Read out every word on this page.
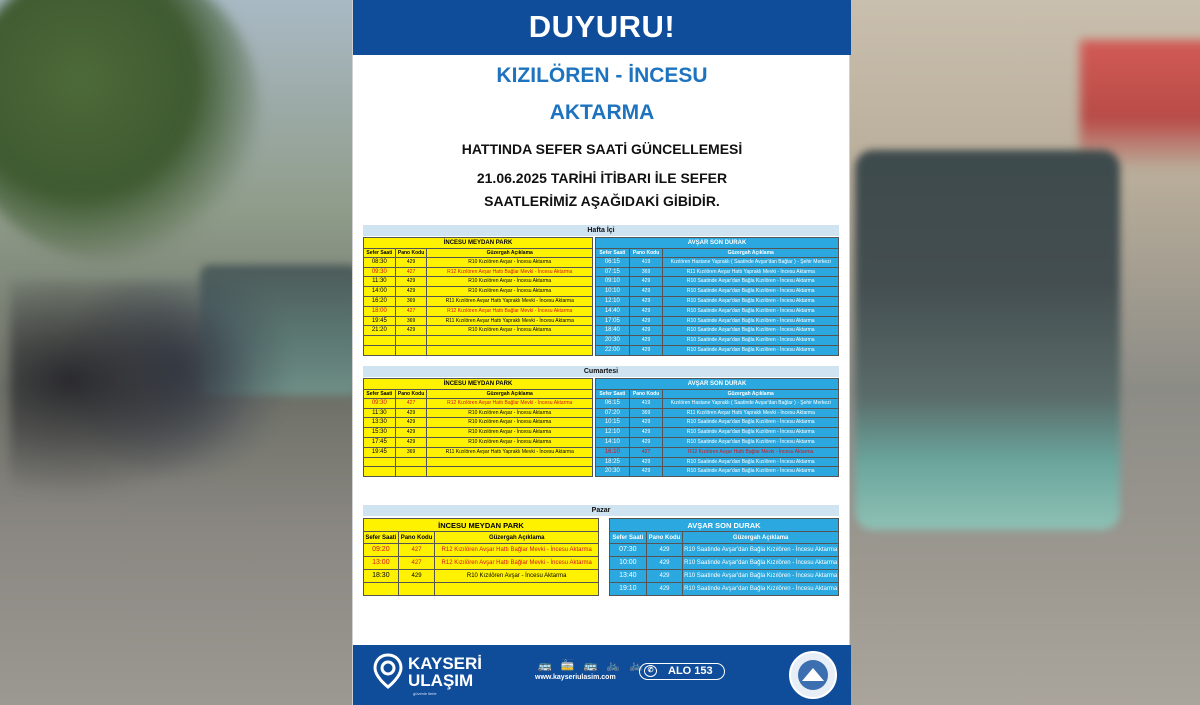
DUYURU!
KIZILÖREN - İNCESU
AKTARMA
HATTINDA SEFER SAATİ GÜNCELLEMESİ
21.06.2025 TARİHİ İTİBARI İLE SEFER
SAATLERİMİZ AŞAĞIDAKİ GİBİDİR.
Hafta İçi
İNCESU MEYDAN PARK
Sefer Saati	Pano Kodu	Güzergah Açıklama
08:30	429	R10 Kızılören Avşar - İncesu Aktarma
09:30	427	R12 Kızılören Avşar Hattı Bağlar Mevki - İncesu Aktarma
11:30	429	R10 Kızılören Avşar - İncesu Aktarma
14:00	429	R10 Kızılören Avşar - İncesu Aktarma
16:20	369	R11 Kızılören Avşar Hattı Yapraklı Mevki - İncesu Aktarma
18:00	427	R12 Kızılören Avşar Hattı Bağlar Mevki - İncesu Aktarma
19:45	369	R11 Kızılören Avşar Hattı Yapraklı Mevki - İncesu Aktarma
21:20	429	R10 Kızılören Avşar - İncesu Aktarma
AVŞAR SON DURAK
Sefer Saati	Pano Kodu	Güzergah Açıklama
06:15	419	Kızılören Hastane Yapraklı ( Saatinde Avşar'dan Bağlar ) - Şehir Merkezi
07:15	369	R11 Kızılören Avşar Hattı Yapraklı Mevki - İncesu Aktarma
09:10	429	R10 Saatinde Avşar'dan Bağla Kızılören - İncesu Aktarma
10:10	429	R10 Saatinde Avşar'dan Bağla Kızılören - İncesu Aktarma
12:10	429	R10 Saatinde Avşar'dan Bağla Kızılören - İncesu Aktarma
14:40	429	R10 Saatinde Avşar'dan Bağla Kızılören - İncesu Aktarma
17:05	429	R10 Saatinde Avşar'dan Bağla Kızılören - İncesu Aktarma
18:40	429	R10 Saatinde Avşar'dan Bağla Kızılören - İncesu Aktarma
20:30	429	R10 Saatinde Avşar'dan Bağla Kızılören - İncesu Aktarma
22:00	429	R10 Saatinde Avşar'dan Bağla Kızılören - İncesu Aktarma
Cumartesi
İNCESU MEYDAN PARK
Sefer Saati	Pano Kodu	Güzergah Açıklama
09:30	427	R12 Kızılören Avşar Hattı Bağlar Mevki - İncesu Aktarma
11:30	429	R10 Kızılören Avşar - İncesu Aktarma
13:30	429	R10 Kızılören Avşar - İncesu Aktarma
15:30	429	R10 Kızılören Avşar - İncesu Aktarma
17:45	429	R10 Kızılören Avşar - İncesu Aktarma
19:45	369	R11 Kızılören Avşar Hattı Yapraklı Mevki - İncesu Aktarma
AVŞAR SON DURAK
Sefer Saati	Pano Kodu	Güzergah Açıklama
06:15	419	Kızılören Hastane Yapraklı ( Saatinde Avşar'dan Bağlar ) - Şehir Merkezi
07:20	369	R11 Kızılören Avşar Hattı Yapraklı Mevki - İncesu Aktarma
10:15	429	R10 Saatinde Avşar'dan Bağla Kızılören - İncesu Aktarma
12:10	429	R10 Saatinde Avşar'dan Bağla Kızılören - İncesu Aktarma
14:10	429	R10 Saatinde Avşar'dan Bağla Kızılören - İncesu Aktarma
16:10	427	R12 Kızılören Avşar Hattı Bağlar Mevki - İncesu Aktarma
18:25	429	R10 Saatinde Avşar'dan Bağla Kızılören - İncesu Aktarma
20:30	429	R10 Saatinde Avşar'dan Bağla Kızılören - İncesu Aktarma
Pazar
İNCESU MEYDAN PARK
Sefer Saati Pano Kodu	Güzergah Açıklama
09:20	427	R12 Kızılören Avşar Hattı Bağlar Mevki - İncesu Aktarma
13:00	427	R12 Kızılören Avşar Hattı Bağlar Mevki - İncesu Aktarma
18:30	429	R10 Kızılören Avşar - İncesu Aktarma
AVŞAR SON DURAK
Sefer Saati Pano Kodu	Güzergah Açıklama
07:30	429	R10 Saatinde Avşar'dan Bağla Kızılören - İncesu Aktarma
10:00	429	R10 Saatinde Avşar'dan Bağla Kızılören - İncesu Aktarma
13:40	429	R10 Saatinde Avşar'dan Bağla Kızılören - İncesu Aktarma
19:10	429	R10 Saatinde Avşar'dan Bağla Kızılören - İncesu Aktarma
KAYSERİ
ULAŞIM
güvenle ilerle
🚌 🚋 🚌 🚲 🚲
www.kayseriulasim.com
✆	ALO 153
